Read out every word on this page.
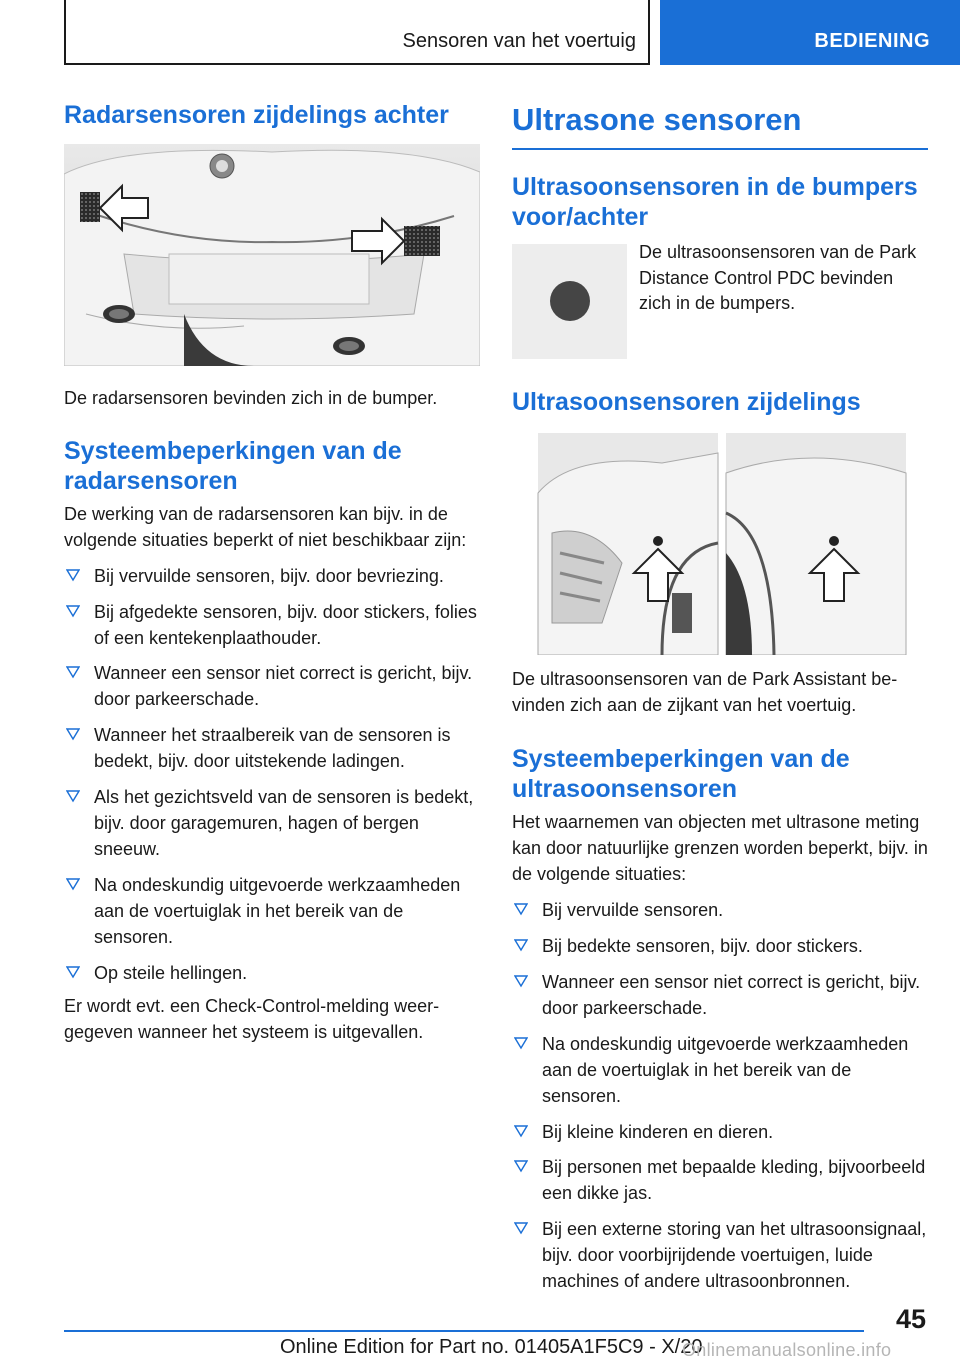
Sensoren van het voertuig	BEDIENING
Radarsensoren zijdelings achter

De radarsensoren bevinden zich in de bumper.

Systeembeperkingen van de radarsensoren

De werking van de radarsensoren kan bijv. in de volgende situaties beperkt of niet beschikbaar zijn:

Bij vervuilde sensoren, bijv. door bevriezing.
Bij afgedekte sensoren, bijv. door stickers, folies of een kentekenplaathouder.
Wanneer een sensor niet correct is gericht, bijv. door parkeerschade.
Wanneer het straalbereik van de sensoren is bedekt, bijv. door uitstekende ladingen.
Als het gezichtsveld van de sensoren is bedekt, bijv. door garagemuren, hagen of bergen sneeuw.
Na ondeskundig uitgevoerde werkzaamheden aan de voertuiglak in het bereik van de sensoren.
Op steile hellingen.

Er wordt evt. een Check-Control-melding weergegeven wanneer het systeem is uitgevallen.

Ultrasone sensoren
Ultrasoonsensoren in de bumpers voor/achter

De ultrasoonsensoren van de Park Distance Control PDC bevinden zich in de bumpers.

Ultrasoonsensoren zijdelings

De ultrasoonsensoren van de Park Assistant bevinden zich aan de zijkant van het voertuig.

Systeembeperkingen van de ultrasoonsensoren

Het waarnemen van objecten met ultrasone meting kan door natuurlijke grenzen worden beperkt, bijv. in de volgende situaties:

Bij vervuilde sensoren.
Bij bedekte sensoren, bijv. door stickers.
Wanneer een sensor niet correct is gericht, bijv. door parkeerschade.
Na ondeskundig uitgevoerde werkzaamheden aan de voertuiglak in het bereik van de sensoren.
Bij kleine kinderen en dieren.
Bij personen met bepaalde kleding, bijvoorbeeld een dikke jas.
Bij een externe storing van het ultrasoonsignaal, bijv. door voorbijrijdende voertuigen, luide machines of andere ultrasoonbronnen.
45
Online Edition for Part no. 01405A1F5C9 - X/20
Onlinemanualsonline.info
